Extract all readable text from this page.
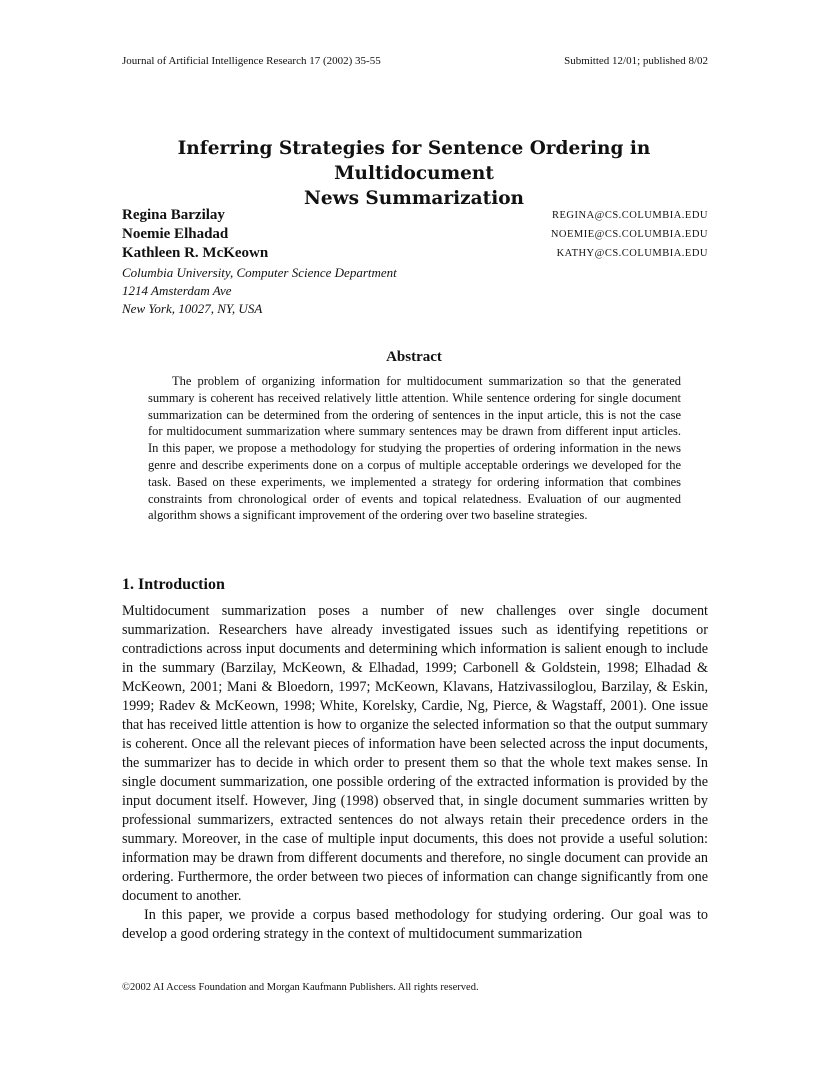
Journal of Artificial Intelligence Research 17 (2002) 35-55	Submitted 12/01; published 8/02
Inferring Strategies for Sentence Ordering in Multidocument
News Summarization
Regina Barzilay	REGINA@CS.COLUMBIA.EDU
Noemie Elhadad	NOEMIE@CS.COLUMBIA.EDU
Kathleen R. McKeown	KATHY@CS.COLUMBIA.EDU
Columbia University, Computer Science Department
1214 Amsterdam Ave
New York, 10027, NY, USA
Abstract

The problem of organizing information for multidocument summarization so that the generated summary is coherent has received relatively little attention. While sentence ordering for single document summarization can be determined from the ordering of sentences in the input article, this is not the case for multidocument summarization where summary sentences may be drawn from different input articles. In this paper, we propose a methodology for studying the properties of ordering information in the news genre and describe experiments done on a corpus of multiple acceptable orderings we developed for the task. Based on these experiments, we implemented a strategy for ordering information that combines constraints from chronological order of events and topical relatedness. Evaluation of our augmented algorithm shows a significant improvement of the ordering over two baseline strategies.

1. Introduction

Multidocument summarization poses a number of new challenges over single document summarization. Researchers have already investigated issues such as identifying repetitions or contradictions across input documents and determining which information is salient enough to include in the summary (Barzilay, McKeown, & Elhadad, 1999; Carbonell & Goldstein, 1998; Elhadad & McKeown, 2001; Mani & Bloedorn, 1997; McKeown, Klavans, Hatzivassiloglou, Barzilay, & Eskin, 1999; Radev & McKeown, 1998; White, Korelsky, Cardie, Ng, Pierce, & Wagstaff, 2001). One issue that has received little attention is how to organize the selected information so that the output summary is coherent. Once all the relevant pieces of information have been selected across the input documents, the summarizer has to decide in which order to present them so that the whole text makes sense. In single document summarization, one possible ordering of the extracted information is provided by the input document itself. However, Jing (1998) observed that, in single document summaries written by professional summarizers, extracted sentences do not always retain their precedence orders in the summary. Moreover, in the case of multiple input documents, this does not provide a useful solution: information may be drawn from different documents and therefore, no single document can provide an ordering. Furthermore, the order between two pieces of information can change significantly from one document to another.

In this paper, we provide a corpus based methodology for studying ordering. Our goal was to develop a good ordering strategy in the context of multidocument summarization

©2002 AI Access Foundation and Morgan Kaufmann Publishers. All rights reserved.
